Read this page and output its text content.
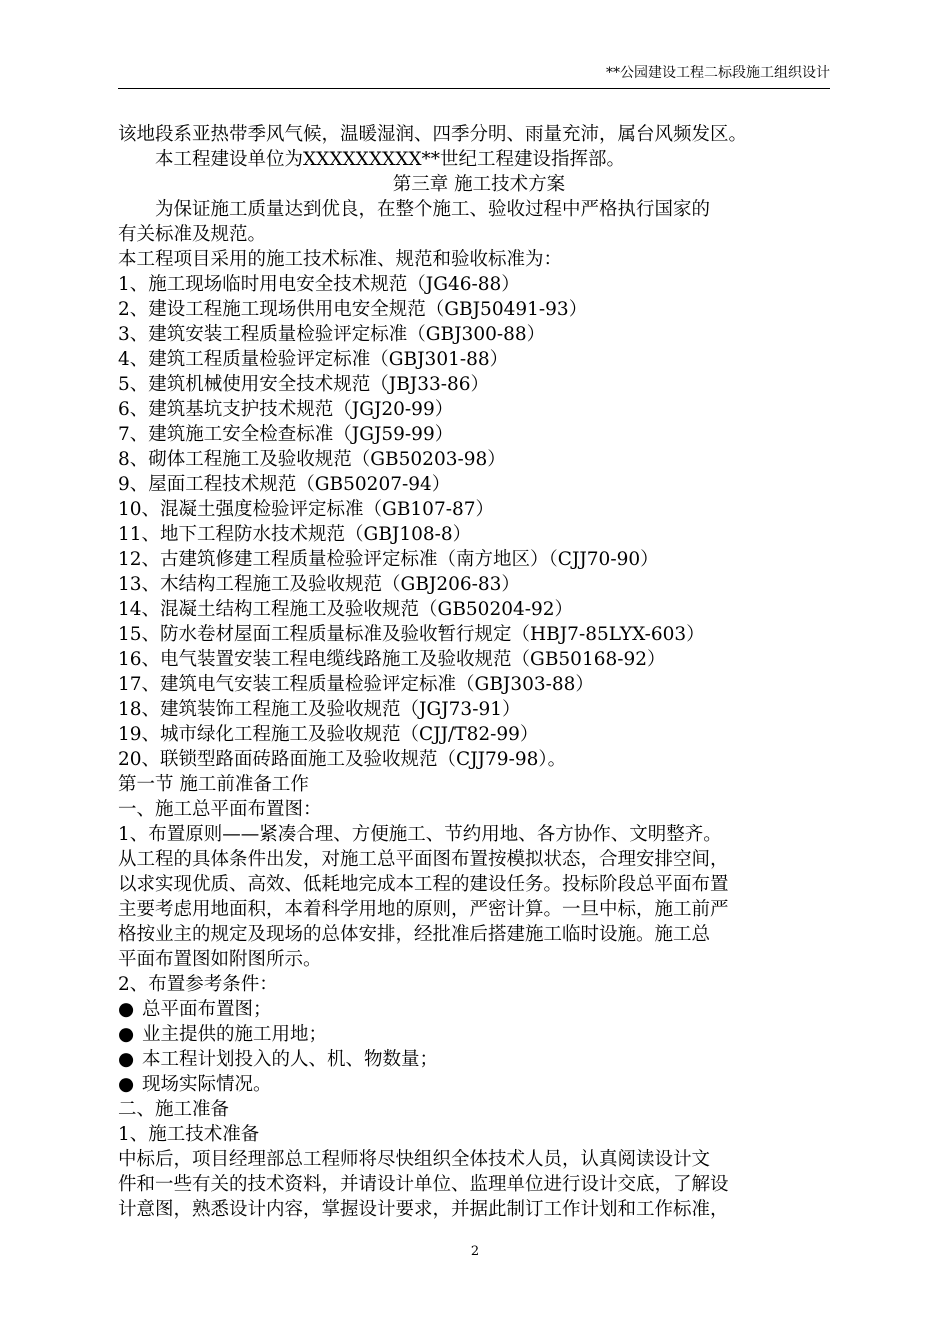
**公园建设工程二标段施工组织设计
该地段系亚热带季风气候，温暖湿润、四季分明、雨量充沛，属台风频发区。
本工程建设单位为XXXXXXXXX**世纪工程建设指挥部。
第三章 施工技术方案
为保证施工质量达到优良，在整个施工、验收过程中严格执行国家的
有关标准及规范。
本工程项目采用的施工技术标准、规范和验收标准为：
1、施工现场临时用电安全技术规范（JG46-88）
2、建设工程施工现场供用电安全规范（GBJ50491-93）
3、建筑安装工程质量检验评定标准（GBJ300-88）
4、建筑工程质量检验评定标准（GBJ301-88）
5、建筑机械使用安全技术规范（JBJ33-86）
6、建筑基坑支护技术规范（JGJ20-99）
7、建筑施工安全检查标准（JGJ59-99）
8、砌体工程施工及验收规范（GB50203-98）
9、屋面工程技术规范（GB50207-94）
10、混凝土强度检验评定标准（GB107-87）
11、地下工程防水技术规范（GBJ108-8）
12、古建筑修建工程质量检验评定标准（南方地区）（CJJ70-90）
13、木结构工程施工及验收规范（GBJ206-83）
14、混凝土结构工程施工及验收规范（GB50204-92）
15、防水卷材屋面工程质量标准及验收暂行规定（HBJ7-85LYX-603）
16、电气装置安装工程电缆线路施工及验收规范（GB50168-92）
17、建筑电气安装工程质量检验评定标准（GBJ303-88）
18、建筑装饰工程施工及验收规范（JGJ73-91）
19、城市绿化工程施工及验收规范（CJJ/T82-99）
20、联锁型路面砖路面施工及验收规范（CJJ79-98）。
第一节 施工前准备工作
一、施工总平面布置图：
1、布置原则——紧凑合理、方便施工、节约用地、各方协作、文明整齐。
从工程的具体条件出发，对施工总平面图布置按模拟状态，合理安排空间，
以求实现优质、高效、低耗地完成本工程的建设任务。投标阶段总平面布置
主要考虑用地面积，本着科学用地的原则，严密计算。一旦中标，施工前严
格按业主的规定及现场的总体安排，经批准后搭建施工临时设施。施工总
平面布置图如附图所示。
2、布置参考条件：
● 总平面布置图；
● 业主提供的施工用地；
● 本工程计划投入的人、机、物数量；
● 现场实际情况。
二、施工准备
1、施工技术准备
中标后，项目经理部总工程师将尽快组织全体技术人员，认真阅读设计文
件和一些有关的技术资料，并请设计单位、监理单位进行设计交底，了解设
计意图，熟悉设计内容，掌握设计要求，并据此制订工作计划和工作标准，
2
